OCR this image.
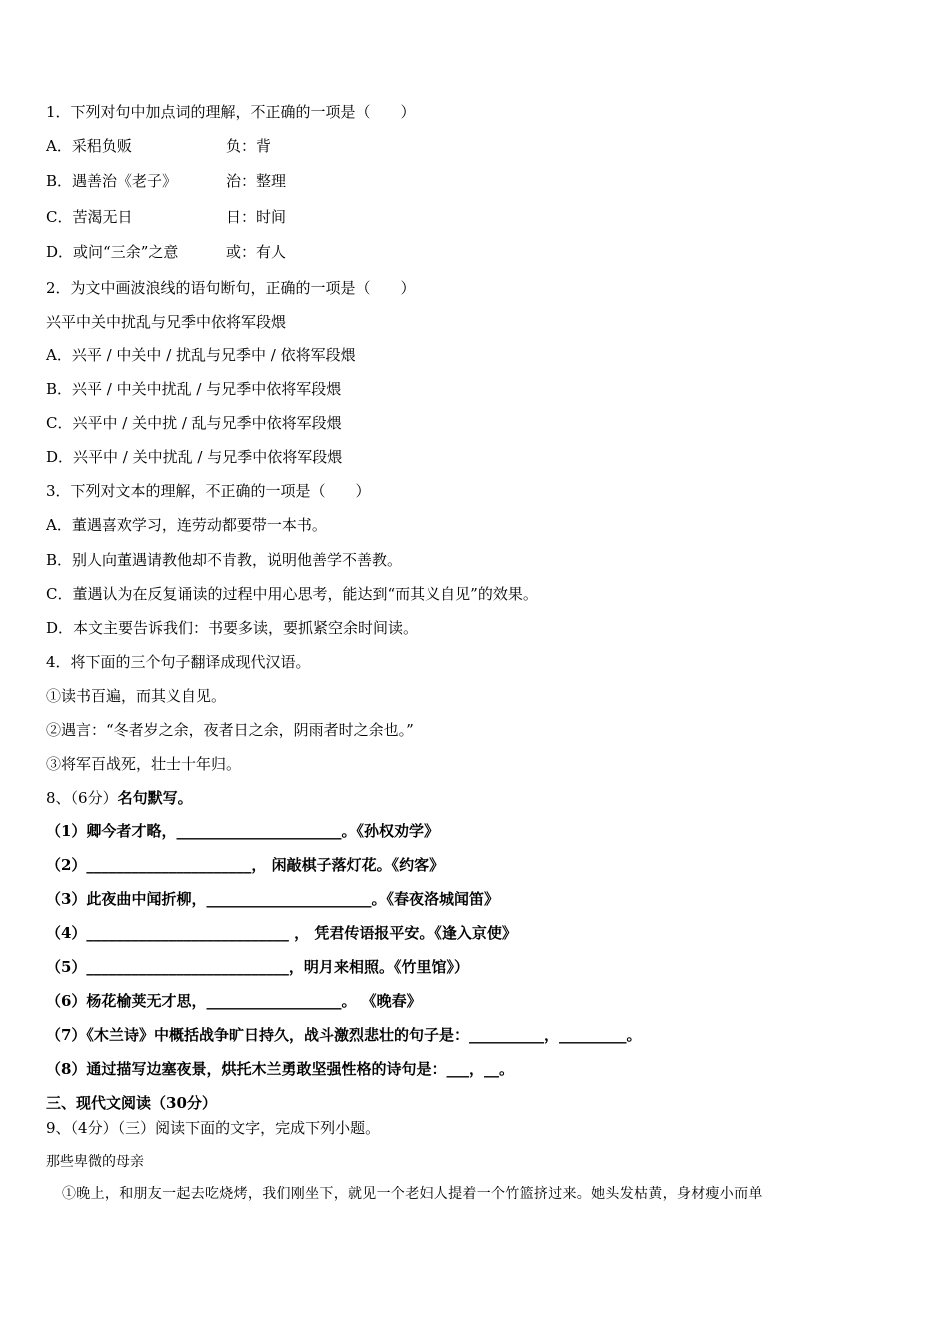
1．下列对句中加点词的理解，不正确的一项是（　　）
A．采稆负贩	负：背
B．遇善治《老子》	治：整理
C．苦渴无日	日：时间
D．或问“三余”之意	或：有人
2．为文中画波浪线的语句断句，正确的一项是（　　）
兴平中关中扰乱与兄季中依将军段煨
A．兴平 / 中关中 / 扰乱与兄季中 / 依将军段煨
B．兴平 / 中关中扰乱 / 与兄季中依将军段煨
C．兴平中 / 关中扰 / 乱与兄季中依将军段煨
D．兴平中 / 关中扰乱 / 与兄季中依将军段煨
3．下列对文本的理解，不正确的一项是（　　）
A．董遇喜欢学习，连劳动都要带一本书。
B．别人向董遇请教他却不肯教，说明他善学不善教。
C．董遇认为在反复诵读的过程中用心思考，能达到“而其义自见”的效果。
D．本文主要告诉我们：书要多读，要抓紧空余时间读。
4．将下面的三个句子翻译成现代汉语。
①读书百遍，而其义自见。
②遇言：“冬者岁之余，夜者日之余，阴雨者时之余也。”
③将军百战死，壮士十年归。
8、（6分）名句默写。
（1）卿今者才略，______________________。《孙权劝学》
（2）______________________， 闲敲棋子落灯花。《约客》
（3）此夜曲中闻折柳，______________________。《春夜洛城闻笛》
（4）___________________________ ， 凭君传语报平安。《逢入京使》
（5）___________________________，明月来相照。《竹里馆》）
（6）杨花榆荚无才思，__________________。 《晚春》
（7）《木兰诗》中概括战争旷日持久，战斗激烈悲壮的句子是：__________，_________。
（8）通过描写边塞夜景，烘托木兰勇敢坚强性格的诗句是：___，__。
三、现代文阅读（30分）
9、（4分）（三）阅读下面的文字，完成下列小题。
那些卑微的母亲
①晚上，和朋友一起去吃烧烤，我们刚坐下，就见一个老妇人提着一个竹篮挤过来。她头发枯黄，身材瘦小而单
